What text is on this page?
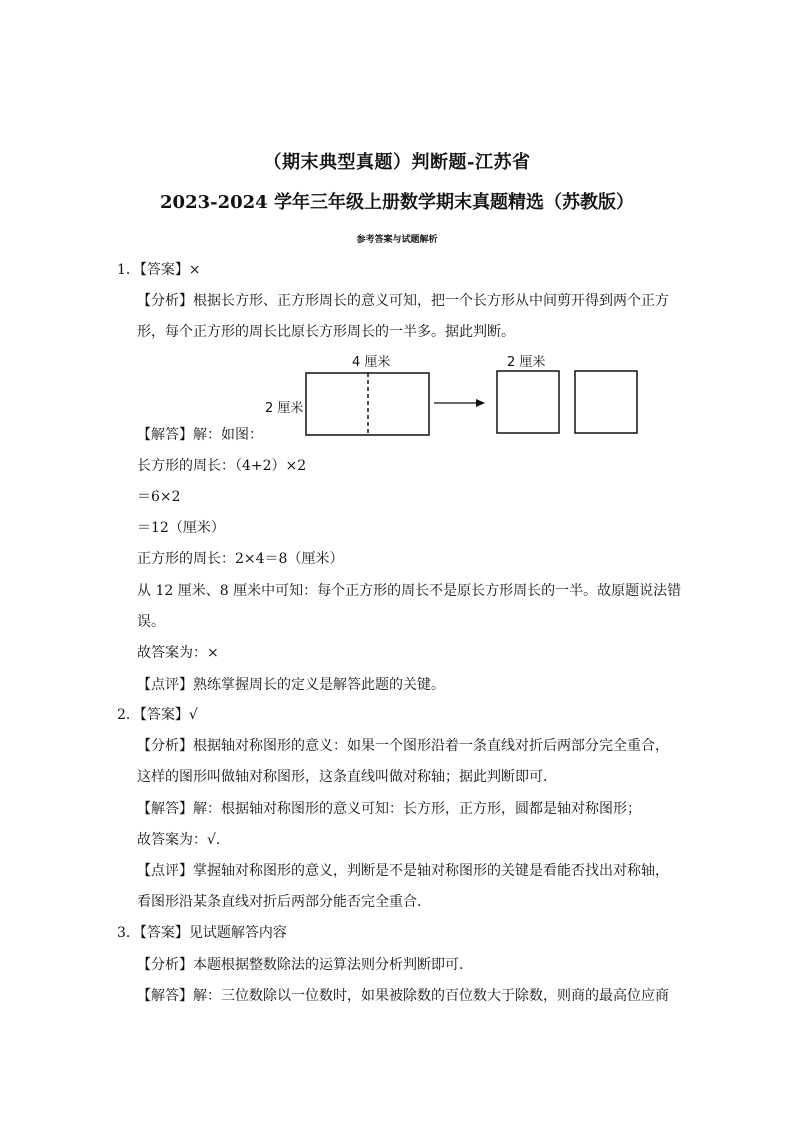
（期末典型真题）判断题-江苏省
2023-2024 学年三年级上册数学期末真题精选（苏教版）
参考答案与试题解析
1．【答案】×
【分析】根据长方形、正方形周长的意义可知，把一个长方形从中间剪开得到两个正方
形，每个正方形的周长比原长方形周长的一半多。据此判断。
4 厘米
2 厘米
2 厘米
【解答】解：如图：
长方形的周长：（4+2）×2
＝6×2
＝12（厘米）
正方形的周长：2×4＝8（厘米）
从 12 厘米、8 厘米中可知：每个正方形的周长不是原长方形周长的一半。故原题说法错
误。
故答案为：×
【点评】熟练掌握周长的定义是解答此题的关键。
2．【答案】√
【分析】根据轴对称图形的意义：如果一个图形沿着一条直线对折后两部分完全重合，
这样的图形叫做轴对称图形，这条直线叫做对称轴；据此判断即可．
【解答】解：根据轴对称图形的意义可知：长方形，正方形，圆都是轴对称图形；
故答案为：√．
【点评】掌握轴对称图形的意义，判断是不是轴对称图形的关键是看能否找出对称轴，
看图形沿某条直线对折后两部分能否完全重合．
3．【答案】见试题解答内容
【分析】本题根据整数除法的运算法则分析判断即可．
【解答】解：三位数除以一位数时，如果被除数的百位数大于除数，则商的最高位应商
